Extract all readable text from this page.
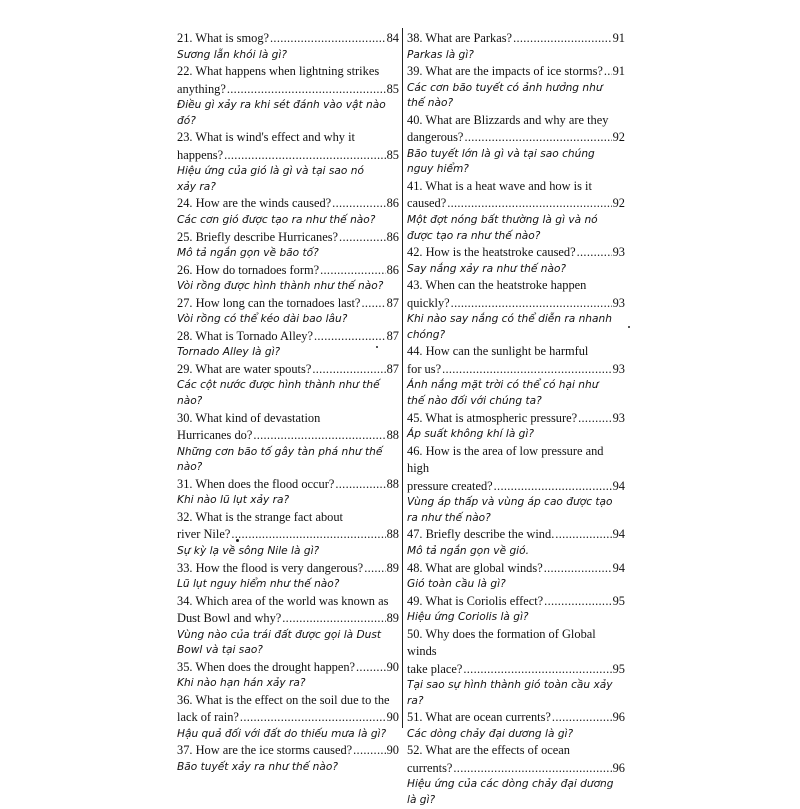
21. What is smog? .....	84
Sương lẫn khói là gì?
22. What happens when lightning strikes
anything? .....	85
Điều gì xảy ra khi sét đánh vào vật nào đó?
23. What is wind's effect and why it
happens? .....	85
Hiệu ứng của gió là gì và tại sao nó
xảy ra?
24. How are the winds caused? .....	86
Các cơn gió được tạo ra như thế nào?
25. Briefly describe Hurricanes? .....	86
Mô tả ngắn gọn về bão tố?
26. How do tornadoes form? .....	86
Vòi rồng được hình thành như thế nào?
27. How long can the tornadoes last? ..... 87
Vòi rồng có thể kéo dài bao lâu?
28. What is Tornado Alley? .....	87
Tornado Alley là gì?
29. What are water spouts? .....	87
Các cột nước được hình thành như thế nào?
30. What kind of devastation
Hurricanes do? .....	88
Những cơn bão tố gây tàn phá như thế nào?
31. When does the flood occur? .....	88
Khi nào lũ lụt xảy ra?
32. What is the strange fact about
river Nile? .....	88
Sự kỳ lạ về sông Nile là gì?
33. How the flood is very dangerous? ..... 89
Lũ lụt nguy hiểm như thế nào?
34. Which area of the world was known as
Dust Bowl and why? .....	89
Vùng nào của trái đất được gọi là Dust
Bowl và tại sao?
35. When does the drought happen? .....	90
Khi nào hạn hán xảy ra?
36. What is the effect on the soil due to the
lack of rain? .....	90
Hậu quả đối với đất do thiếu mưa là gì?
37. How are the ice storms caused? .....	90
Bão tuyết xảy ra như thế nào?
38. What are Parkas? .....	91
Parkas là gì?
39. What are the impacts of ice storms? ..... 91
Các cơn bão tuyết có ảnh hưởng như
thế nào?
40. What are Blizzards and why are they
dangerous? .....	92
Bão tuyết lớn là gì và tại sao chúng
nguy hiểm?
41. What is a heat wave and how is it
caused? .....	92
Một đợt nóng bất thường là gì và nó
được tạo ra như thế nào?
42. How is the heatstroke caused? .....	93
Say nắng xảy ra như thế nào?
43. When can the heatstroke happen
quickly? .....	93
Khi nào say nắng có thể diễn ra nhanh
chóng?
44. How can the sunlight be harmful
for us? .....	93
Ánh nắng mặt trời có thể có hại như
thế nào đối với chúng ta?
45. What is atmospheric pressure? .....	93
Áp suất không khí là gì?
46. How is the area of low pressure and high
pressure created? .....	94
Vùng áp thấp và vùng áp cao được tạo
ra như thế nào?
47. Briefly describe the wind. .....	94
Mô tả ngắn gọn về gió.
48. What are global winds? .....	94
Gió toàn cầu là gì?
49. What is Coriolis effect? .....	95
Hiệu ứng Coriolis là gì?
50. Why does the formation of Global winds
take place? .....	95
Tại sao sự hình thành gió toàn cầu xảy ra?
51. What are ocean currents? .....	96
Các dòng chảy đại dương là gì?
52. What are the effects of ocean
currents? .....	96
Hiệu ứng của các dòng chảy đại dương
là gì?
